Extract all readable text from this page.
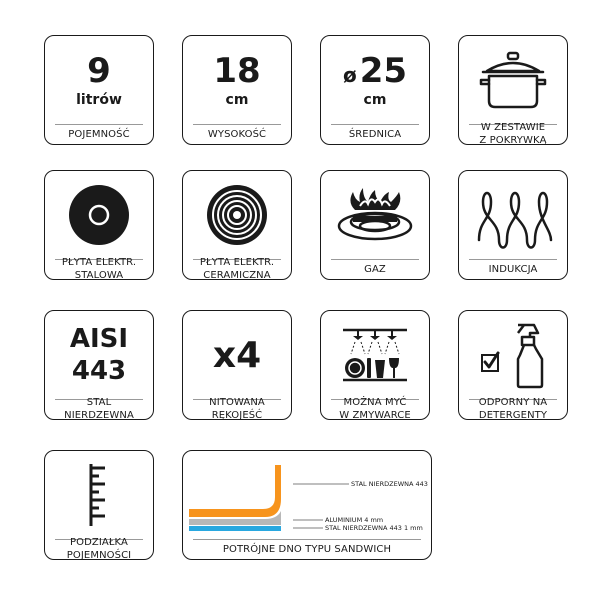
9
litrów
POJEMNOŚĆ
18
cm
WYSOKOŚĆ
ø 25
cm
ŚREDNICA
W ZESTAWIE
Z POKRYWKĄ
PŁYTA ELEKTR.
STALOWA
PŁYTA ELEKTR.
CERAMICZNA
GAZ	INDUKCJA
AISI
443
STAL
NIERDZEWNA
x4
NITOWANA
RĘKOJEŚĆ
MOŻNA MYĆ
W ZMYWARCE
ODPORNY NA
DETERGENTY
PODZIAŁKA
POJEMNOŚCI
STAL NIERDZEWNA 443
ALUMINIUM 4 mm
STAL NIERDZEWNA 443 1 mm
POTRÓJNE DNO TYPU SANDWICH
